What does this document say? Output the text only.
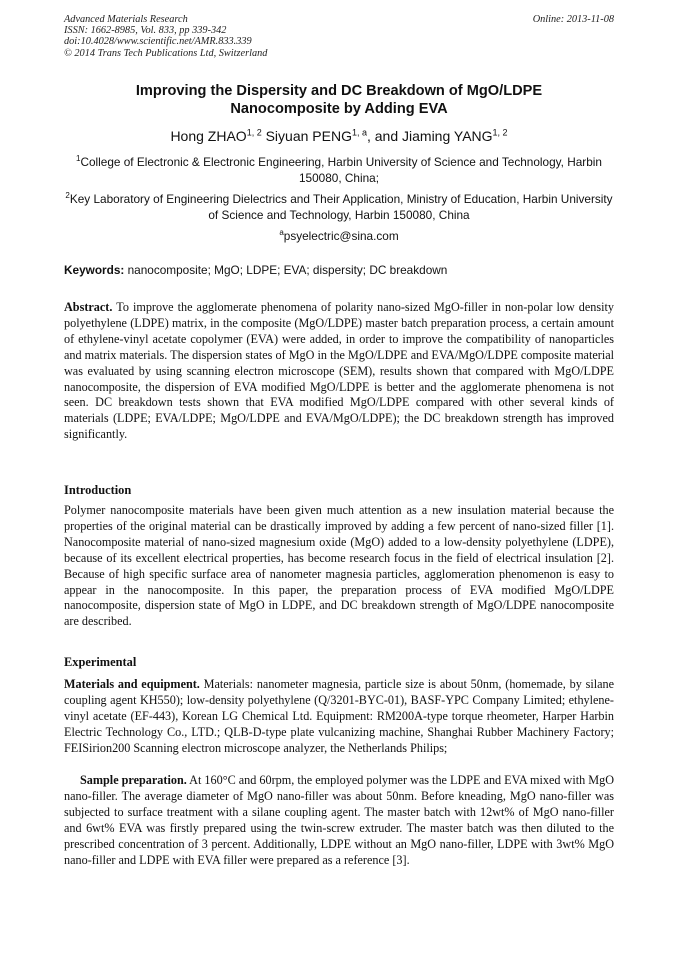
Advanced Materials Research
ISSN: 1662-8985, Vol. 833, pp 339-342
doi:10.4028/www.scientific.net/AMR.833.339
© 2014 Trans Tech Publications Ltd, Switzerland
Online: 2013-11-08
Improving the Dispersity and DC Breakdown of MgO/LDPE
Nanocomposite by Adding EVA
Hong ZHAO$^{1, 2}$ Siyuan PENG$^{1, a}$, and Jiaming YANG$^{1, 2}$
$^1$College of Electronic & Electronic Engineering, Harbin University of Science and Technology, Harbin 150080, China;
$^2$Key Laboratory of Engineering Dielectrics and Their Application, Ministry of Education, Harbin University of Science and Technology, Harbin 150080, China
$^a$psyelectric@sina.com
Keywords: nanocomposite; MgO; LDPE; EVA; dispersity; DC breakdown
Abstract. To improve the agglomerate phenomena of polarity nano-sized MgO-filler in non-polar low density polyethylene (LDPE) matrix, in the composite (MgO/LDPE) master batch preparation process, a certain amount of ethylene-vinyl acetate copolymer (EVA) were added, in order to improve the compatibility of nanoparticles and matrix materials. The dispersion states of MgO in the MgO/LDPE and EVA/MgO/LDPE composite material was evaluated by using scanning electron microscope (SEM), results shown that compared with MgO/LDPE nanocomposite, the dispersion of EVA modified MgO/LDPE is better and the agglomerate phenomena is not seen. DC breakdown tests shown that EVA modified MgO/LDPE compared with other several kinds of materials (LDPE; EVA/LDPE; MgO/LDPE and EVA/MgO/LDPE); the DC breakdown strength has improved significantly.
Introduction
Polymer nanocomposite materials have been given much attention as a new insulation material because the properties of the original material can be drastically improved by adding a few percent of nano-sized filler [1]. Nanocomposite material of nano-sized magnesium oxide (MgO) added to a low-density polyethylene (LDPE), because of its excellent electrical properties, has become research focus in the field of electrical insulation [2]. Because of high specific surface area of nanometer magnesia particles, agglomeration phenomenon is easy to appear in the nanocomposite. In this paper, the preparation process of EVA modified MgO/LDPE nanocomposite, dispersion state of MgO in LDPE, and DC breakdown strength of MgO/LDPE nanocomposite are described.
Experimental
Materials and equipment. Materials: nanometer magnesia, particle size is about 50nm, (homemade, by silane coupling agent KH550); low-density polyethylene (Q/3201-BYC-01), BASF-YPC Company Limited; ethylene-vinyl acetate (EF-443), Korean LG Chemical Ltd. Equipment: RM200A-type torque rheometer, Harper Harbin Electric Technology Co., LTD.; QLB-D-type plate vulcanizing machine, Shanghai Rubber Machinery Factory; FEISirion200 Scanning electron microscope analyzer, the Netherlands Philips;
Sample preparation. At 160°C and 60rpm, the employed polymer was the LDPE and EVA mixed with MgO nano-filler. The average diameter of MgO nano-filler was about 50nm. Before kneading, MgO nano-filler was subjected to surface treatment with a silane coupling agent. The master batch with 12wt% of MgO nano-filler and 6wt% EVA was firstly prepared using the twin-screw extruder. The master batch was then diluted to the prescribed concentration of 3 percent. Additionally, LDPE without an MgO nano-filler, LDPE with 3wt% MgO nano-filler and LDPE with EVA filler were prepared as a reference [3].
